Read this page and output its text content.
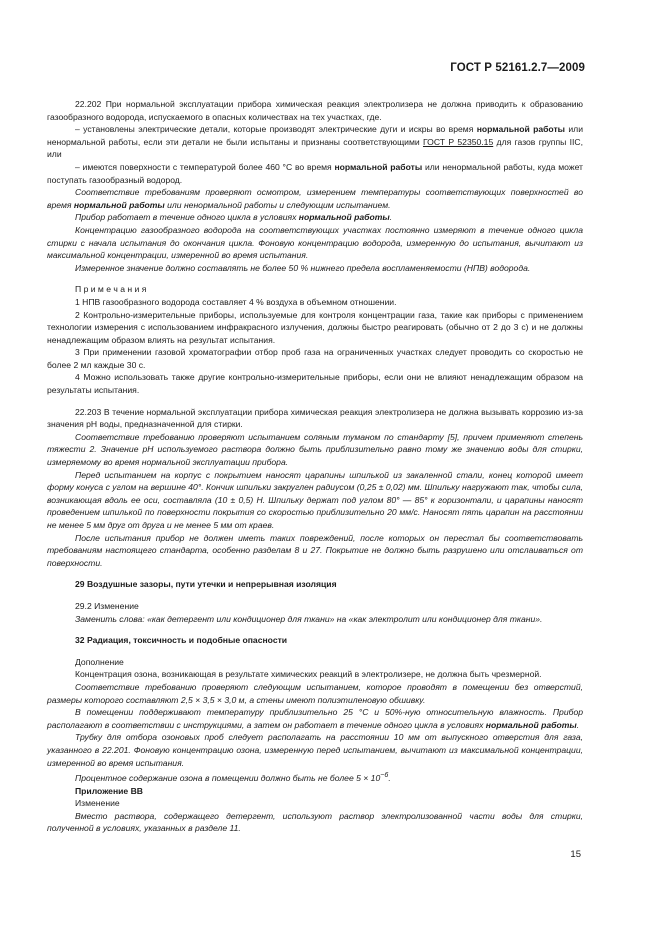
ГОСТ Р 52161.2.7—2009

22.202 При нормальной эксплуатации прибора химическая реакция электролизера не должна приводить к образованию газообразного водорода, испускаемого в опасных количествах на тех участках, где.

– установлены электрические детали, которые производят электрические дуги и искры во время нормальной работы или ненормальной работы, если эти детали не были испытаны и признаны соответствующими ГОСТ Р 52350.15 для газов группы IIC, или

– имеются поверхности с температурой более 460 °С во время нормальной работы или ненормальной работы, куда может поступать газообразный водород.

Соответствие требованиям проверяют осмотром, измерением температуры соответствующих поверхностей во время нормальной работы или ненормальной работы и следующим испытанием.

Прибор работает в течение одного цикла в условиях нормальной работы.

Концентрацию газообразного водорода на соответствующих участках постоянно измеряют в течение одного цикла стирки с начала испытания до окончания цикла. Фоновую концентрацию водорода, измеренную до испытания, вычитают из максимальной концентрации, измеренной во время испытания.

Измеренное значение должно составлять не более 50 % нижнего предела воспламеняемости (НПВ) водорода.

П р и м е ч а н и я

1 НПВ газообразного водорода составляет 4 % воздуха в объемном отношении.

2 Контрольно-измерительные приборы, используемые для контроля концентрации газа, такие как приборы с применением технологии измерения с использованием инфракрасного излучения, должны быстро реагировать (обычно от 2 до 3 с) и не должны ненадлежащим образом влиять на результат испытания.

3 При применении газовой хроматографии отбор проб газа на ограниченных участках следует проводить со скоростью не более 2 мл каждые 30 с.

4 Можно использовать также другие контрольно-измерительные приборы, если они не влияют ненадлежащим образом на результаты испытания.

22.203 В течение нормальной эксплуатации прибора химическая реакция электролизера не должна вызывать коррозию из-за значения pH воды, предназначенной для стирки.

Соответствие требованию проверяют испытанием соляным туманом по стандарту [5], причем применяют степень тяжести 2. Значение pH используемого раствора должно быть приблизительно равно тому же значению воды для стирки, измеряемому во время нормальной эксплуатации прибора.

Перед испытанием на корпус с покрытием наносят царапины шпилькой из закаленной стали, конец которой имеет форму конуса с углом на вершине 40°. Кончик шпильки закруглен радиусом (0,25 ± 0,02) мм. Шпильку нагружают так, чтобы сила, возникающая вдоль ее оси, составляла (10 ± 0,5) Н. Шпильку держат под углом 80° — 85° к горизонтали, и царапины наносят проведением шпилькой по поверхности покрытия со скоростью приблизительно 20 мм/с. Наносят пять царапин на расстоянии не менее 5 мм друг от друга и не менее 5 мм от краев.

После испытания прибор не должен иметь таких повреждений, после которых он перестал бы соответствовать требованиям настоящего стандарта, особенно разделам 8 и 27. Покрытие не должно быть разрушено или отслаиваться от поверхности.

29 Воздушные зазоры, пути утечки и непрерывная изоляция

29.2 Изменение

Заменить слова: «как детергент или кондиционер для ткани» на «как электролит или кондиционер для ткани».

32 Радиация, токсичность и подобные опасности

Дополнение

Концентрация озона, возникающая в результате химических реакций в электролизере, не должна быть чрезмерной.

Соответствие требованию проверяют следующим испытанием, которое проводят в помещении без отверстий, размеры которого составляют 2,5 × 3,5 × 3,0 м, а стены имеют полиэтиленовую обшивку.

В помещении поддерживают температуру приблизительно 25 °С и 50%-ную относительную влажность. Прибор располагают в соответствии с инструкциями, а затем он работает в течение одного цикла в условиях нормальной работы.

Трубку для отбора озоновых проб следует располагать на расстоянии 10 мм от выпускного отверстия для газа, указанного в 22.201. Фоновую концентрацию озона, измеренную перед испытанием, вычитают из максимальной концентрации, измеренной во время испытания.

Процентное содержание озона в помещении должно быть не более $5 \times 10^{-6}$.

Приложение ВВ

Изменение

Вместо раствора, содержащего детергент, используют раствор электролизованной части воды для стирки, полученной в условиях, указанных в разделе 11.

15
